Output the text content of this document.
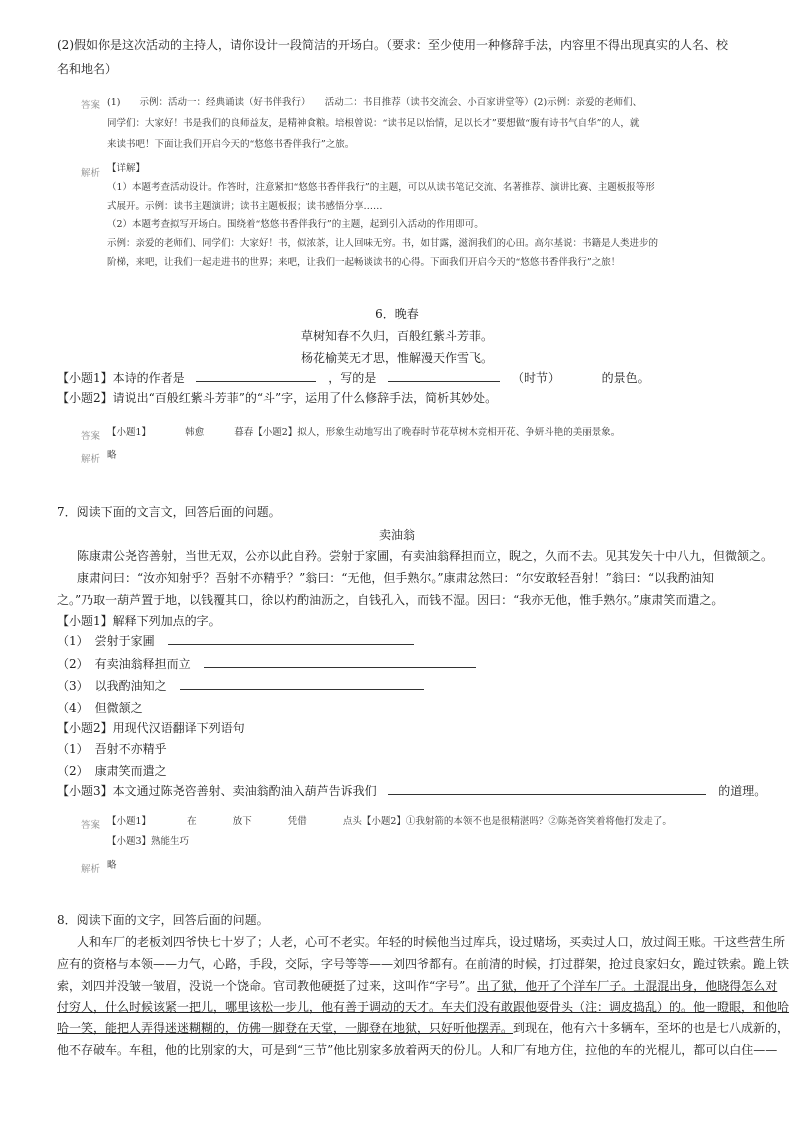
(2)假如你是这次活动的主持人，请你设计一段简洁的开场白。（要求：至少使用一种修辞手法，内容里不得出现真实的人名、校
名和地名）
答案 (1)　　示例：活动一：经典诵读（好书伴我行）　　活动二：书目推荐（读书交流会、小百家讲堂等）(2)示例：亲爱的老师们、
同学们：大家好！书是我们的良师益友，是精神食粮。培根曾说：“读书足以怡情，足以长才”要想做“腹有诗书气自华”的人，就
来读书吧！下面让我们开启今天的“悠悠书香伴我行”之旅。
解析 【详解】
（1）本题考查活动设计。作答时，注意紧扣“悠悠书香伴我行”的主题，可以从读书笔记交流、名著推荐、演讲比赛、主题板报等形
式展开。示例：读书主题演讲；读书主题板报；读书感悟分享……
（2）本题考查拟写开场白。围绕着“悠悠书香伴我行”的主题，起到引入活动的作用即可。
示例：亲爱的老师们、同学们：大家好！书，似浓茶，让人回味无穷。书，如甘露，滋润我们的心田。高尔基说：书籍是人类进步的
阶梯，来吧，让我们一起走进书的世界；来吧，让我们一起畅谈读书的心得。下面我们开启今天的“悠悠书香伴我行”之旅！
6．晚春
草树知春不久归，百般红紫斗芳菲。
杨花榆荚无才思，惟解漫天作雪飞。
【小题1】本诗的作者是	，写的是	（时节）	的景色。
【小题2】请说出“百般红紫斗芳菲”的“斗”字，运用了什么修辞手法，简析其妙处。
答案 【小题1】	韩愈	暮春【小题2】拟人，形象生动地写出了晚春时节花草树木竞相开花、争妍斗艳的美丽景象。
解析 略
7．阅读下面的文言文，回答后面的问题。
卖油翁
陈康肃公尧咨善射，当世无双，公亦以此自矜。尝射于家圃，有卖油翁释担而立，睨之，久而不去。见其发矢十中八九，但微颔之。
康肃问曰：“汝亦知射乎？吾射不亦精乎？”翁曰：“无他，但手熟尔。”康肃忿然曰：“尔安敢轻吾射！”翁曰：“以我酌油知
之。”乃取一葫芦置于地，以钱覆其口，徐以杓酌油沥之，自钱孔入，而钱不湿。因曰：“我亦无他，惟手熟尔。”康肃笑而遣之。
【小题1】解释下列加点的字。
（1）　尝射于家圃
（2）　有卖油翁释担而立
（3）　以我酌油知之
（4）　但微颔之
【小题2】用现代汉语翻译下列语句
（1）　吾射不亦精乎
（2）　康肃笑而遣之
【小题3】本文通过陈尧咨善射、卖油翁酌油入葫芦告诉我们	的道理。
答案 【小题1】	在	放下	凭借	点头【小题2】①我射箭的本领不也是很精湛吗？②陈尧咨笑着将他打发走了。
【小题3】熟能生巧
解析 略
8．阅读下面的文字，回答后面的问题。
人和车厂的老板刘四爷快七十岁了；人老，心可不老实。年轻的时候他当过库兵，设过赌场，买卖过人口，放过阎王账。干这些营生所
应有的资格与本领——力气，心路，手段，交际，字号等等——刘四爷都有。在前清的时候，打过群架，抢过良家妇女，跪过铁索。跪上铁
索，刘四并没皱一皱眉，没说一个饶命。官司教他硬挺了过来，这叫作“字号”。出了狱，他开了个洋车厂子。土混混出身，他晓得怎么对
付穷人，什么时候该紧一把儿，哪里该松一步儿，他有善于调动的天才。车夫们没有敢跟他耍骨头（注：调皮捣乱）的。他一瞪眼，和他哈
哈一笑，能把人弄得迷迷糊糊的，仿佛一脚登在天堂，一脚登在地狱，只好听他摆弄。到现在，他有六十多辆车，至坏的也是七八成新的，
他不存破车。车租，他的比别家的大，可是到“三节”他比别家多放着两天的份儿。人和厂有地方住，拉他的车的光棍儿，都可以白住——
